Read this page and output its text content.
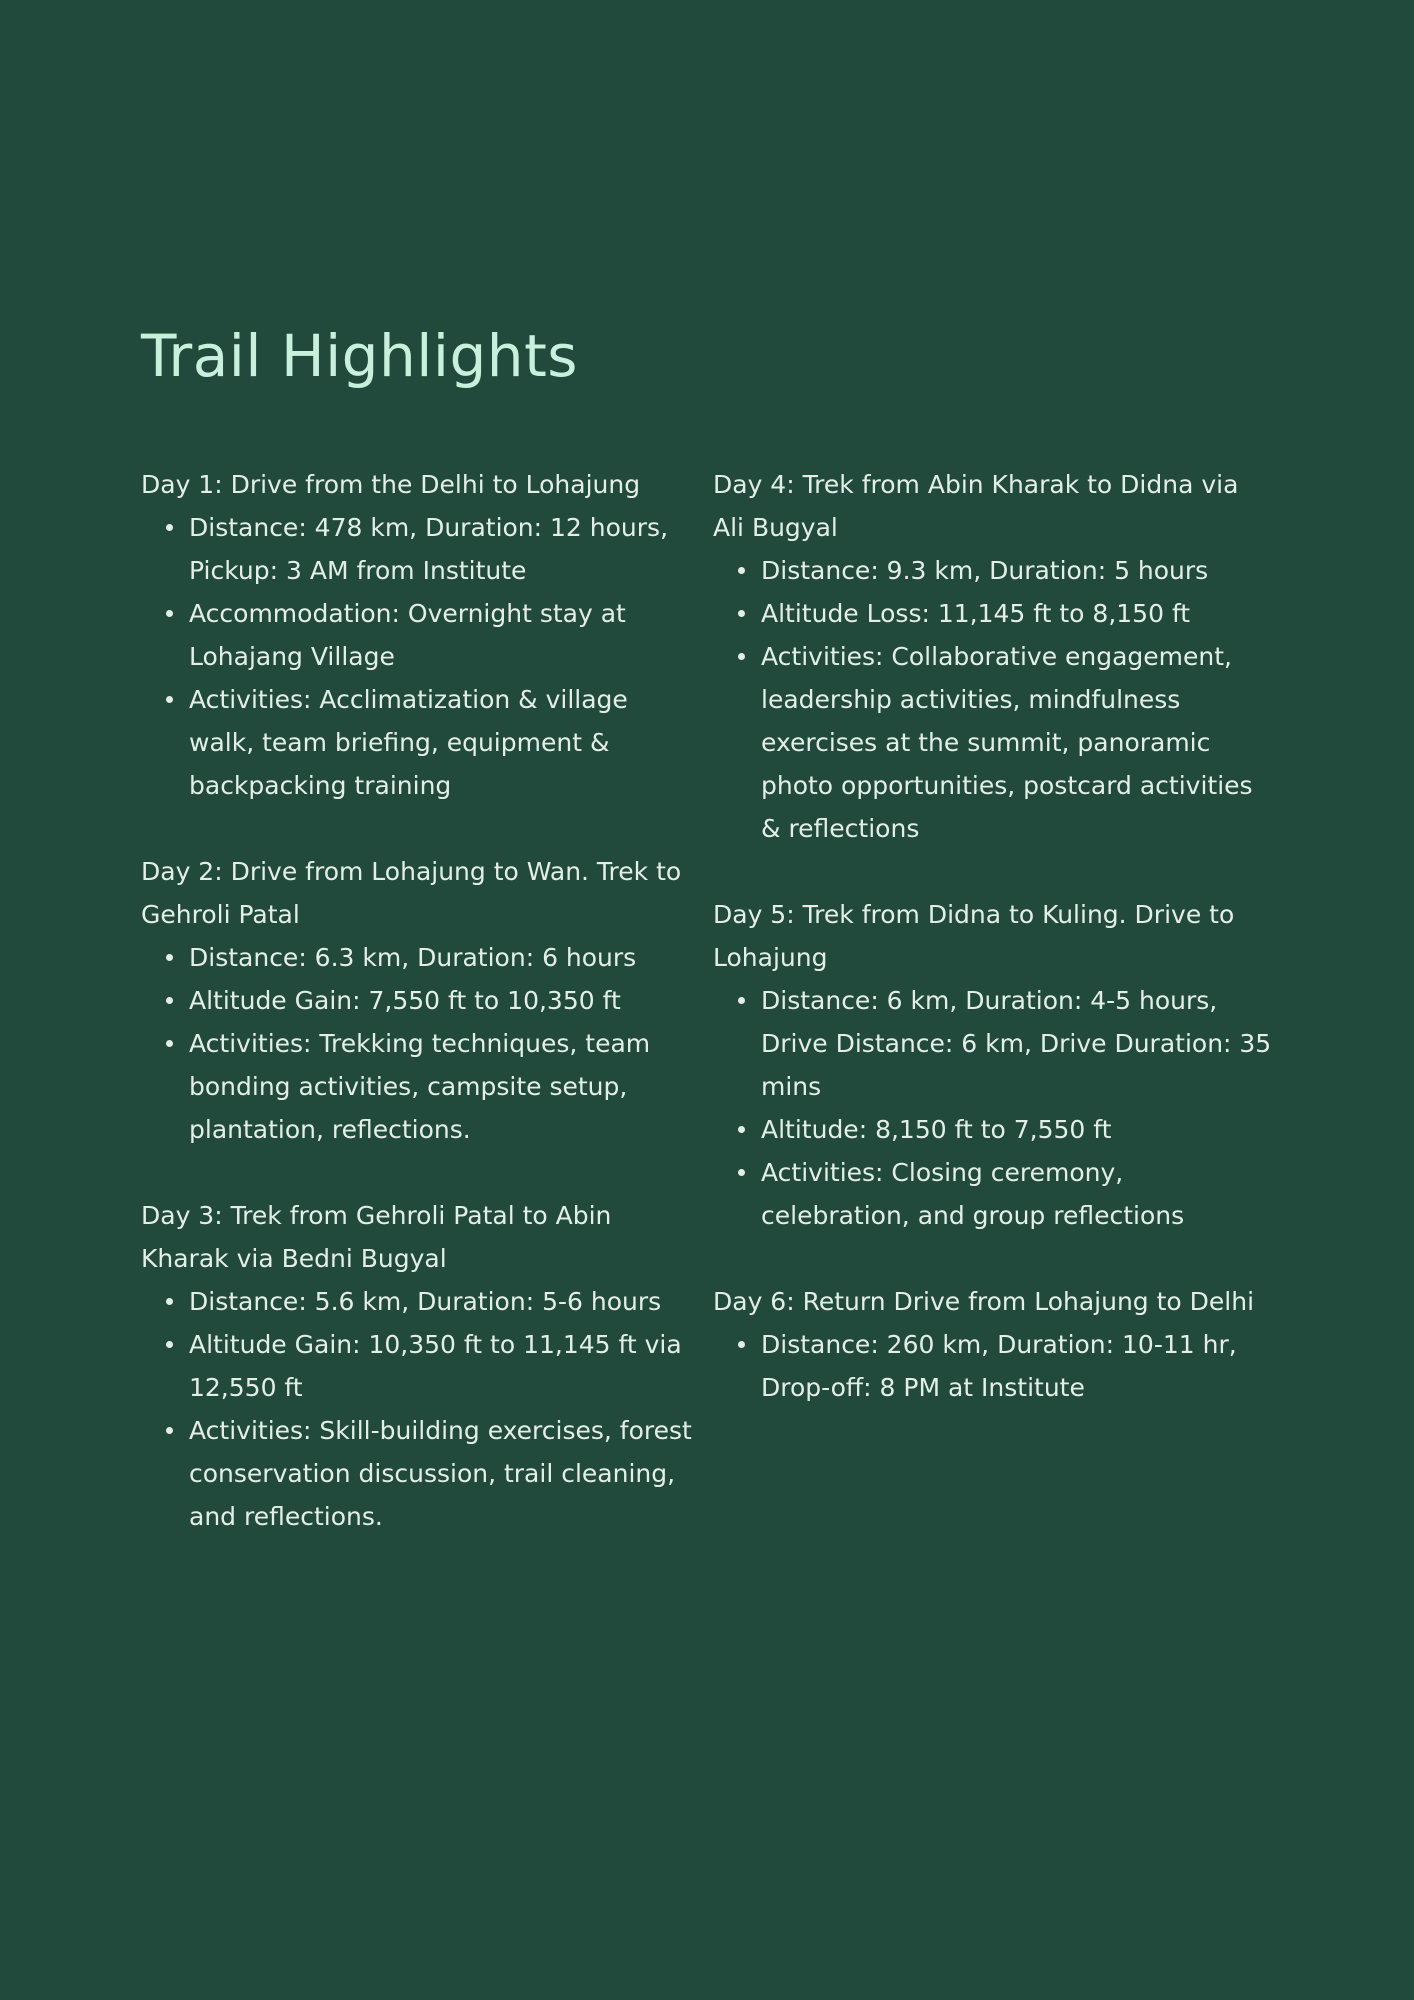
Trail Highlights

Day 1: Drive from the Delhi to Lohajung

Distance: 478 km, Duration: 12 hours, Pickup: 3 AM from Institute
Accommodation: Overnight stay at Lohajang Village
Activities: Acclimatization & village walk, team briefing, equipment & backpacking training

Day 2: Drive from Lohajung to Wan. Trek to Gehroli Patal

Distance: 6.3 km, Duration: 6 hours
Altitude Gain: 7,550 ft to 10,350 ft
Activities: Trekking techniques, team bonding activities, campsite setup, plantation, reflections.

Day 3: Trek from Gehroli Patal to Abin Kharak via Bedni Bugyal

Distance: 5.6 km, Duration: 5-6 hours
Altitude Gain: 10,350 ft to 11,145 ft via 12,550 ft
Activities: Skill-building exercises, forest conservation discussion, trail cleaning, and reflections.

Day 4: Trek from Abin Kharak to Didna via Ali Bugyal

Distance: 9.3 km, Duration: 5 hours
Altitude Loss: 11,145 ft to 8,150 ft
Activities: Collaborative engagement, leadership activities, mindfulness exercises at the summit, panoramic photo opportunities, postcard activities & reflections

Day 5: Trek from Didna to Kuling. Drive to Lohajung

Distance: 6 km, Duration: 4-5 hours, Drive Distance: 6 km, Drive Duration: 35 mins
Altitude: 8,150 ft to 7,550 ft
Activities: Closing ceremony, celebration, and group reflections

Day 6: Return Drive from Lohajung to Delhi

Distance: 260 km, Duration: 10-11 hr, Drop-off: 8 PM at Institute
